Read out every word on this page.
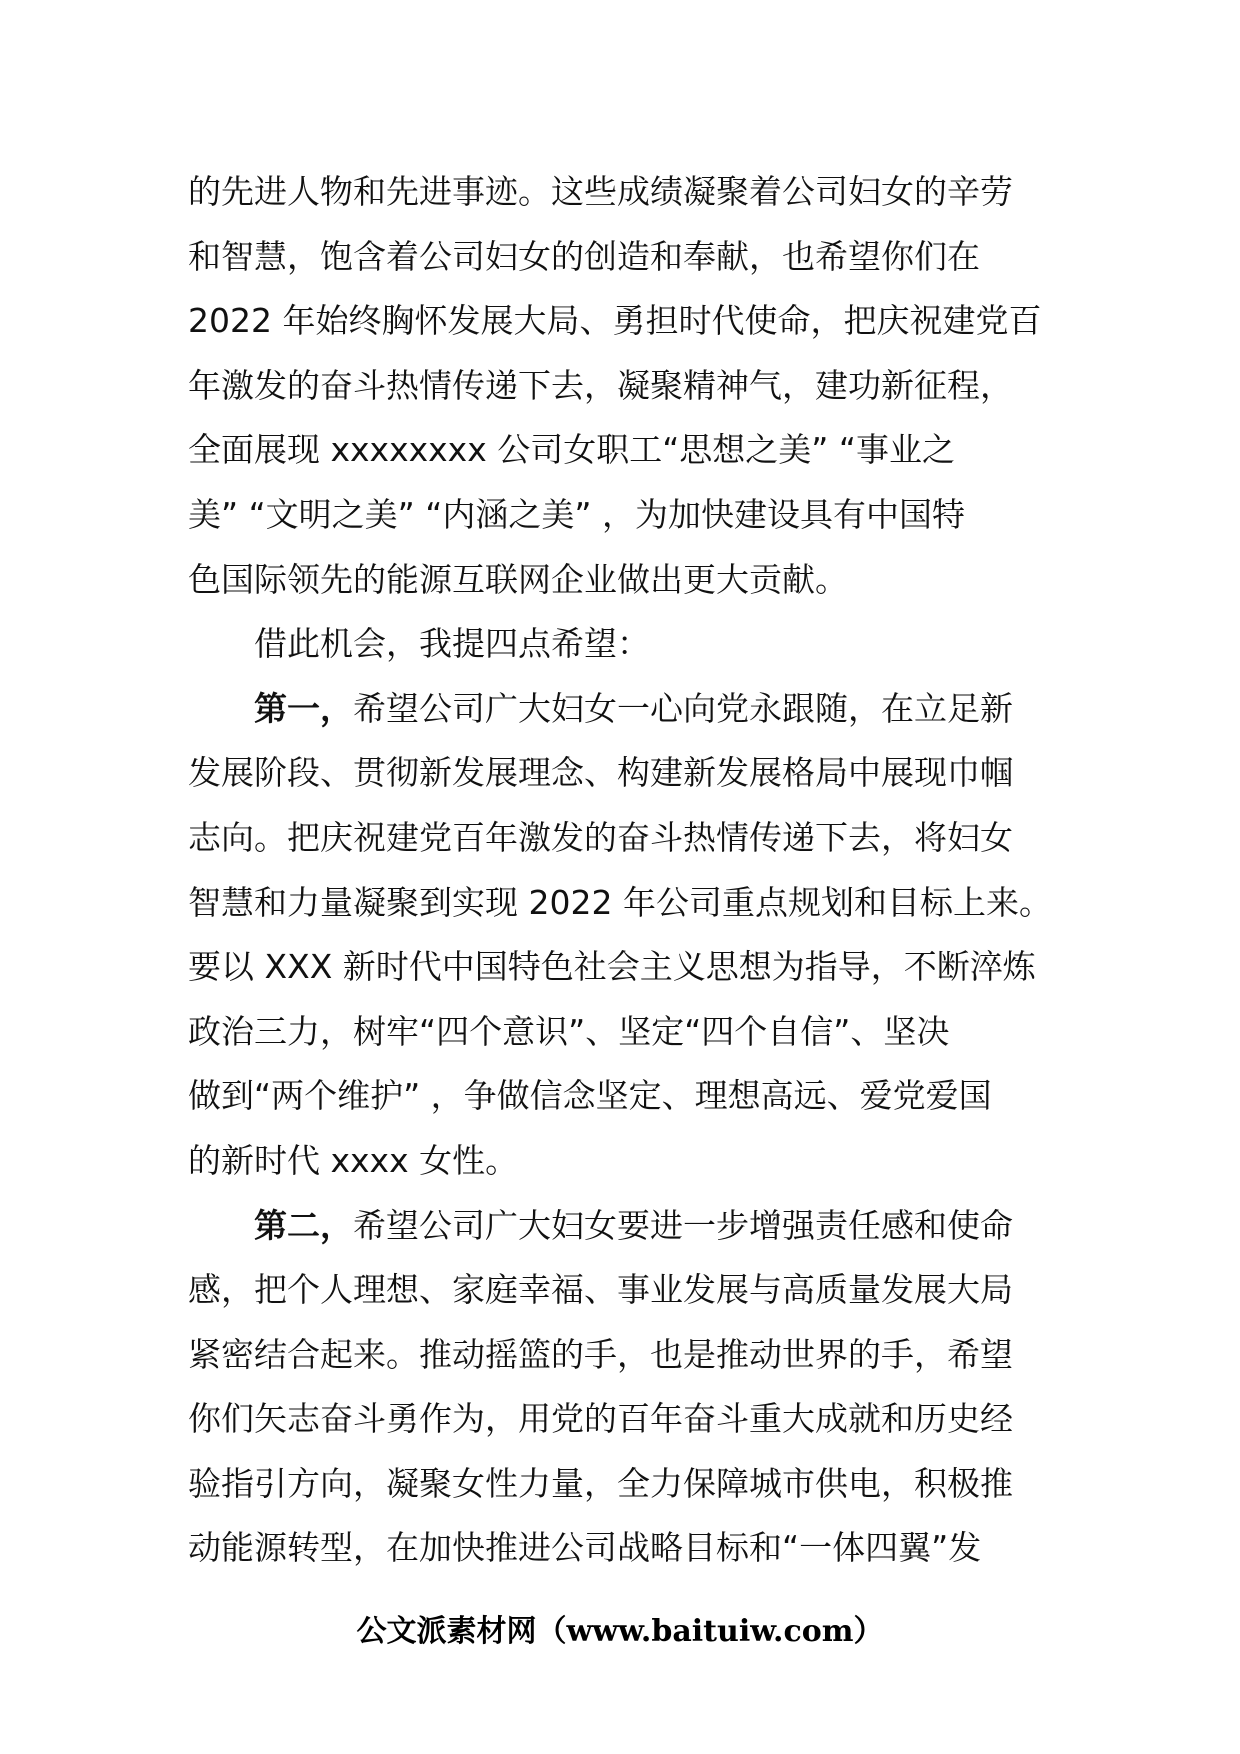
的先进人物和先进事迹。这些成绩凝聚着公司妇女的辛劳
和智慧，饱含着公司妇女的创造和奉献，也希望你们在
2022 年始终胸怀发展大局、勇担时代使命，把庆祝建党百
年激发的奋斗热情传递下去，凝聚精神气，建功新征程，
全面展现 xxxxxxxx 公司女职工“思想之美” “事业之
美” “文明之美” “内涵之美” ，为加快建设具有中国特
色国际领先的能源互联网企业做出更大贡献。
借此机会，我提四点希望：
第一，希望公司广大妇女一心向党永跟随，在立足新
发展阶段、贯彻新发展理念、构建新发展格局中展现巾帼
志向。把庆祝建党百年激发的奋斗热情传递下去，将妇女
智慧和力量凝聚到实现 2022 年公司重点规划和目标上来。
要以 XXX 新时代中国特色社会主义思想为指导，不断淬炼
政治三力，树牢“四个意识”、坚定“四个自信”、坚决
做到“两个维护” ，争做信念坚定、理想高远、爱党爱国
的新时代 xxxx 女性。
第二，希望公司广大妇女要进一步增强责任感和使命
感，把个人理想、家庭幸福、事业发展与高质量发展大局
紧密结合起来。推动摇篮的手，也是推动世界的手，希望
你们矢志奋斗勇作为，用党的百年奋斗重大成就和历史经
验指引方向，凝聚女性力量，全力保障城市供电，积极推
动能源转型，在加快推进公司战略目标和“一体四翼”发
公文派素材网（www.baituiw.com）
